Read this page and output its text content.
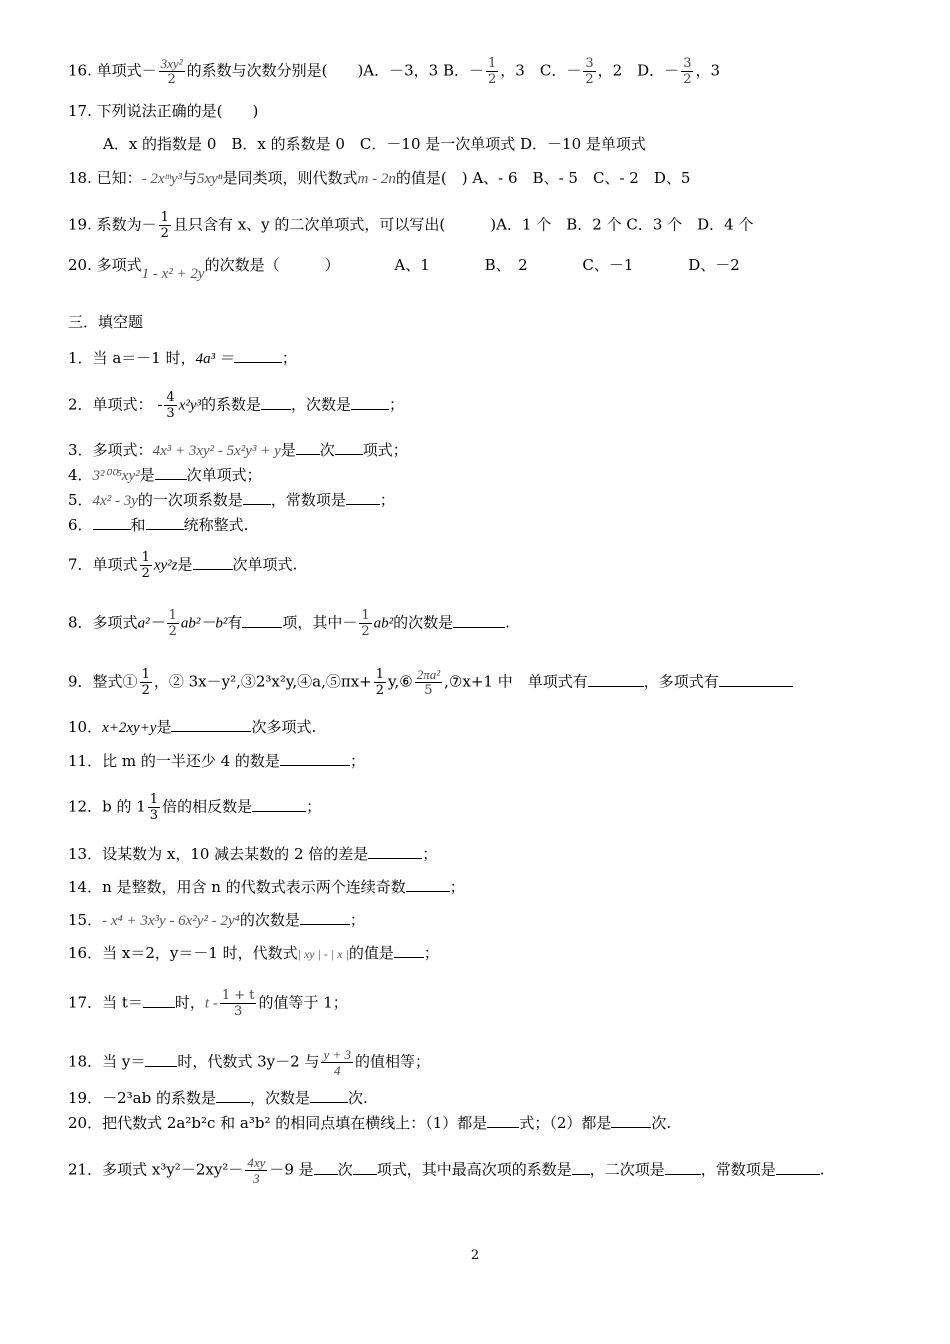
16. 单项式－ $\frac{\text{3xy²}}{2}$ 的系数与次数分别是(　　)A．－3，3 B．－ $\frac{1}{2}$ ，3　C．－ $\frac{3}{2}$ ，2　D．－ $\frac{3}{2}$ ，3
17. 下列说法正确的是(　　)
A．x 的指数是 0　B．x 的系数是 0　C．－10 是一次单项式 D．－10 是单项式
18. 已知：- 2xᵐy³与5xyⁿ是同类项，则代数式m - 2n的值是(　) A、- 6　B、- 5　C、- 2　D、5
19. 系数为－ $\frac{1}{2}$ 且只含有 x、y 的二次单项式，可以写出(　　　)A．1 个　B．2 个 C．3 个　D．4 个
20. 多项式1 - x² + 2y的次数是（　　　）	A、1	B、　2	C、－1	D、－2
三．填空题
1．当 a＝－1 时，4a³ ＝	；
2．单项式： - $\frac{4}{3} x^2y^3$的系数是 ，次数是	；
3．多项式：4x³ + 3xy² - 5x²y³ + y是 次 项式；
4．3²⁰⁰⁵xy²是 次单项式；
5．4x² - 3y的一次项系数是 ，常数项是 ；
6．	和	统称整式.
7．单项式 $\frac{1}{2} xy^2z$是	次单项式.
8．多项式$a^2- \frac{1}{2} ab^2-b^2$有	项，其中－ $\frac{1}{2} ab^2$的次数是	.
9．整式① $\frac{1}{2}$ ，② 3x－y²,③2³x²y,④a,⑤πx+ $\frac{1}{2}$ y,⑥ $\frac{\text{2πa²}}{5}$ ,⑦x+1 中　单项式有	，多项式有
10．x+2xy+y是	次多项式.
11．比 m 的一半还少 4 的数是	；
12．b 的 $1 \frac{1}{3}$ 倍的相反数是	；
13．设某数为 x，10 减去某数的 2 倍的差是	；
14．n 是整数，用含 n 的代数式表示两个连续奇数	；
15．- x⁴ + 3x³y - 6x²y² - 2y⁴的次数是	；
16．当 x＝2，y＝－1 时，代数式| xy | - | x |的值是 ；
17．当 t＝ 时，t - $\frac{1 + t}{3}$ 的值等于 1；
18．当 y＝ 时，代数式 3y－2 与 $\frac{y + 3}{4}$ 的值相等；
19．－2³ab 的系数是 ，次数是	次.
20．把代数式 2a²b²c 和 a³b² 的相同点填在横线上：（1）都是 式；（2）都是	次.
21．多项式 $x^3y^2-2xy^2- \frac{4xy}{3} -9$ 是 次 项式，其中最高次项的系数是 ，二次项是 ，常数项是	.
2
